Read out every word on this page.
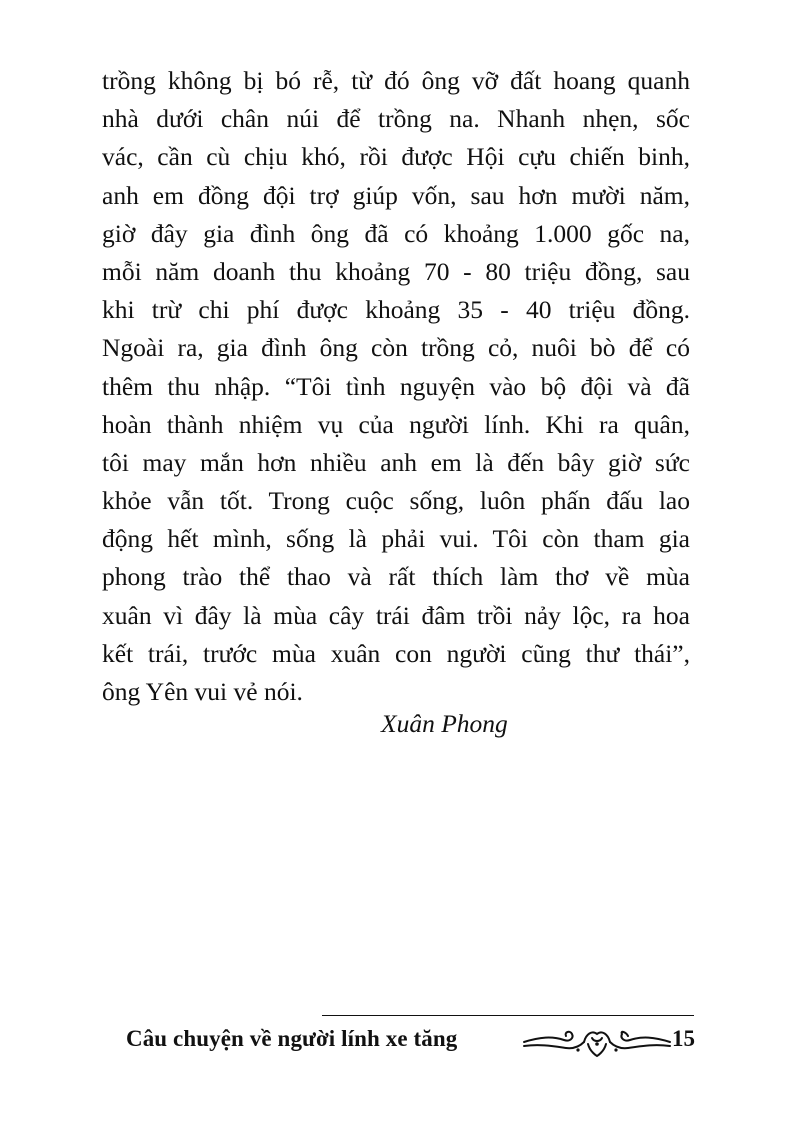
trồng không bị bó rễ, từ đó ông vỡ đất hoang quanh
nhà dưới chân núi để trồng na. Nhanh nhẹn, sốc
vác, cần cù chịu khó, rồi được Hội cựu chiến binh,
anh em đồng đội trợ giúp vốn, sau hơn mười năm,
giờ đây gia đình ông đã có khoảng 1.000 gốc na,
mỗi năm doanh thu khoảng 70 - 80 triệu đồng, sau
khi trừ chi phí được khoảng 35 - 40 triệu đồng.
Ngoài ra, gia đình ông còn trồng cỏ, nuôi bò để có
thêm thu nhập. “Tôi tình nguyện vào bộ đội và đã
hoàn thành nhiệm vụ của người lính. Khi ra quân,
tôi may mắn hơn nhiều anh em là đến bây giờ sức
khỏe vẫn tốt. Trong cuộc sống, luôn phấn đấu lao
động hết mình, sống là phải vui. Tôi còn tham gia
phong trào thể thao và rất thích làm thơ về mùa
xuân vì đây là mùa cây trái đâm trồi nảy lộc, ra hoa
kết trái, trước mùa xuân con người cũng thư thái”,
ông Yên vui vẻ nói.
Xuân Phong
Câu chuyện về người lính xe tăng	15
